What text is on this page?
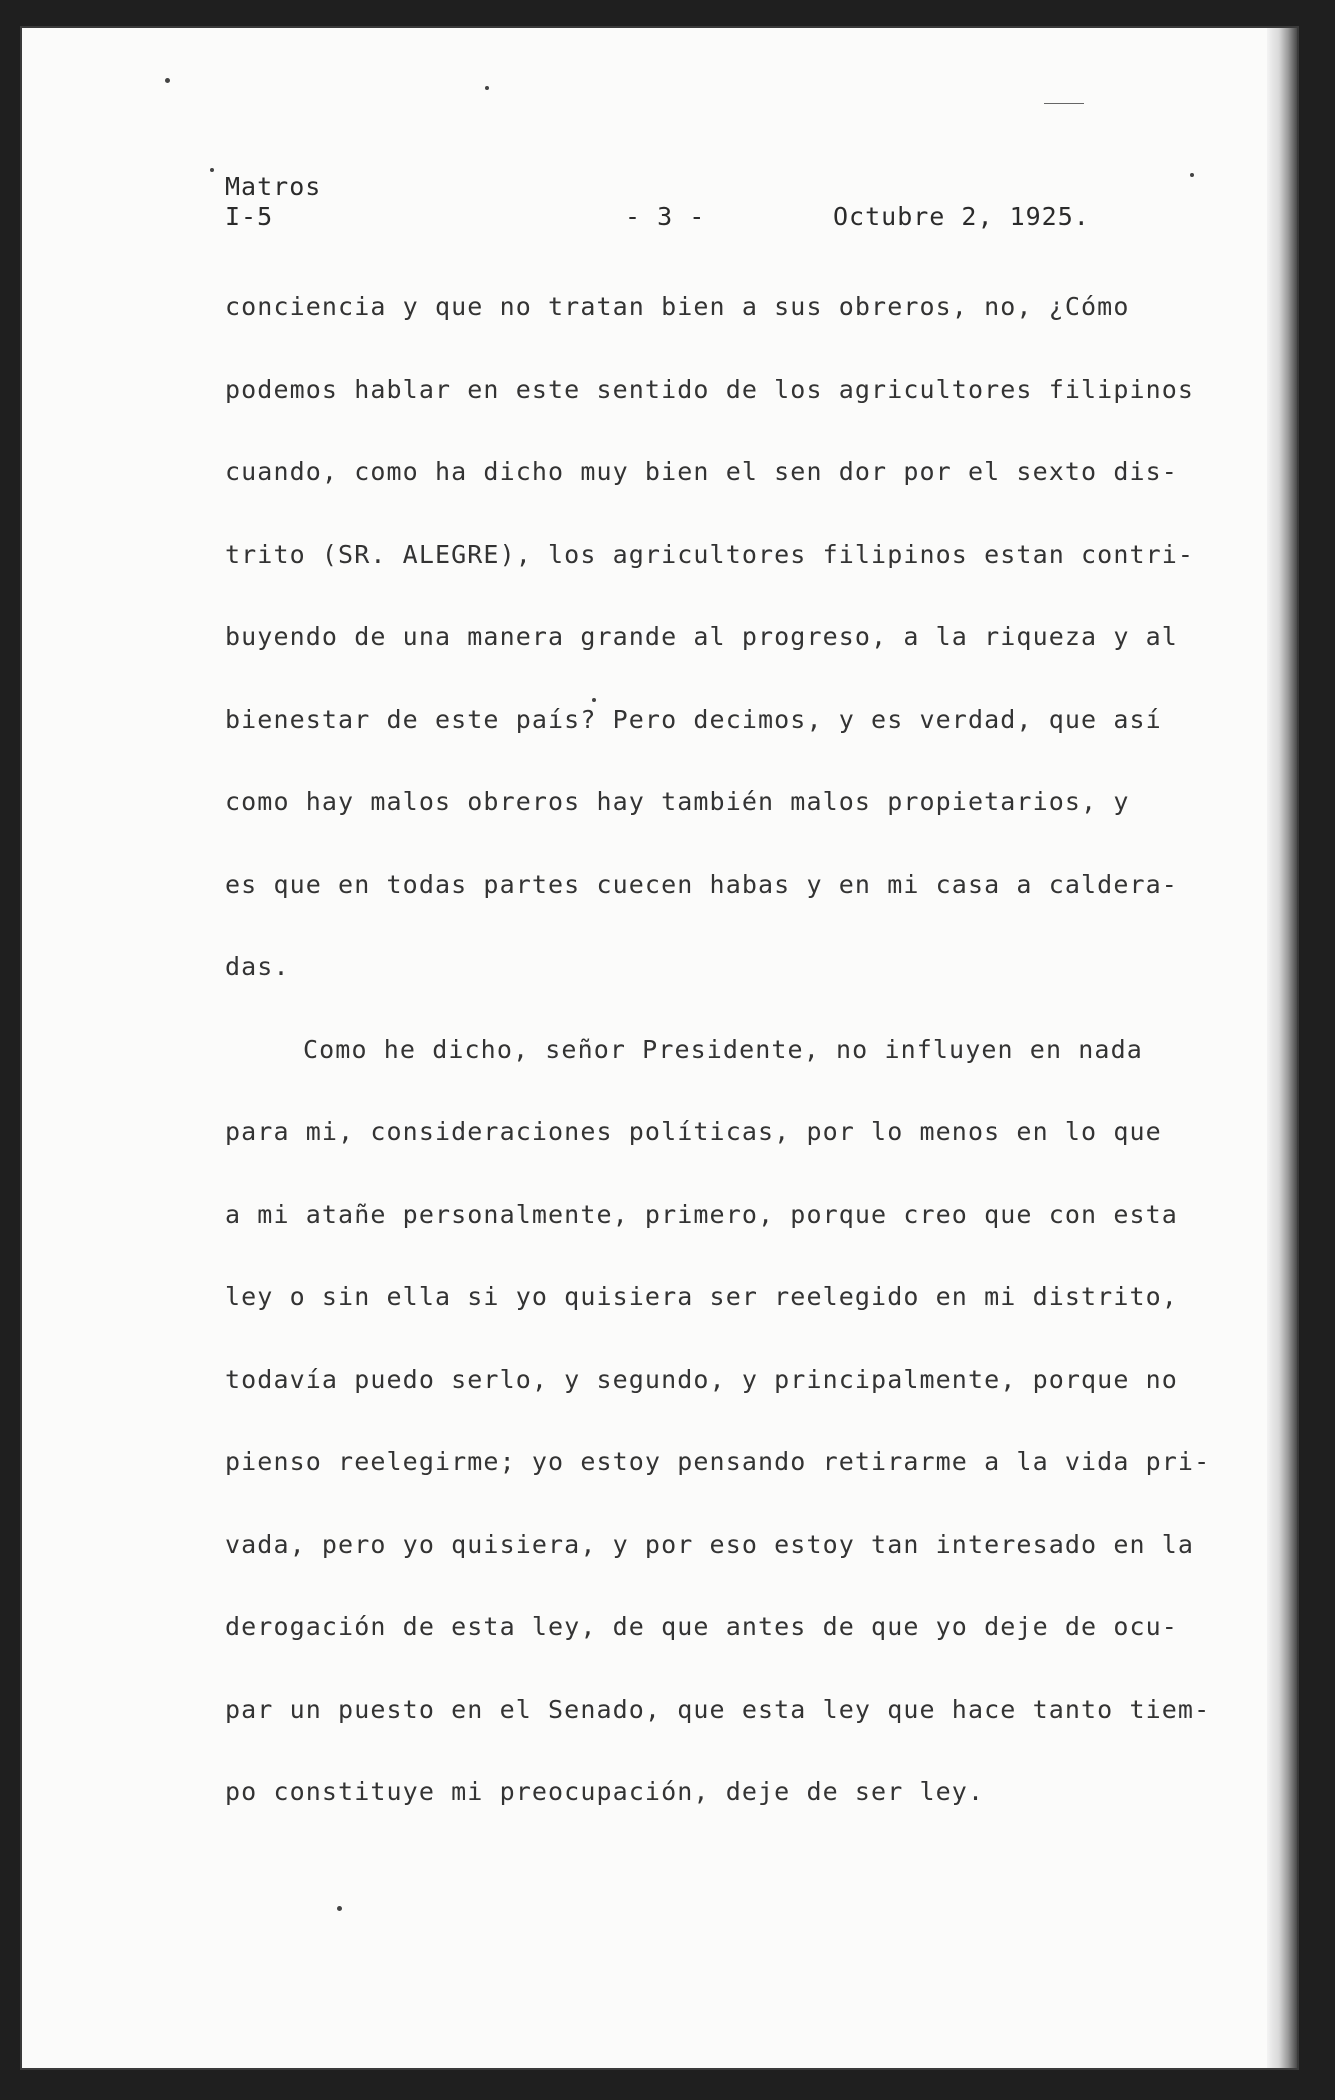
Matros
I-5	- 3 -	Octubre 2, 1925.
conciencia y que no tratan bien a sus obreros, no, ¿Cómo
podemos hablar en este sentido de los agricultores filipinos
cuando, como ha dicho muy bien el sen dor por el sexto dis-
trito (SR. ALEGRE), los agricultores filipinos estan contri-
buyendo de una manera grande al progreso, a la riqueza y al
bienestar de este país? Pero decimos, y es verdad, que así
como hay malos obreros hay también malos propietarios, y
es que en todas partes cuecen habas y en mi casa a caldera-
das.
Como he dicho, señor Presidente, no influyen en nada
para mi, consideraciones políticas, por lo menos en lo que
a mi atañe personalmente, primero, porque creo que con esta
ley o sin ella si yo quisiera ser reelegido en mi distrito,
todavía puedo serlo, y segundo, y principalmente, porque no
pienso reelegirme; yo estoy pensando retirarme a la vida pri-
vada, pero yo quisiera, y por eso estoy tan interesado en la
derogación de esta ley, de que antes de que yo deje de ocu-
par un puesto en el Senado, que esta ley que hace tanto tiem-
po constituye mi preocupación, deje de ser ley.
